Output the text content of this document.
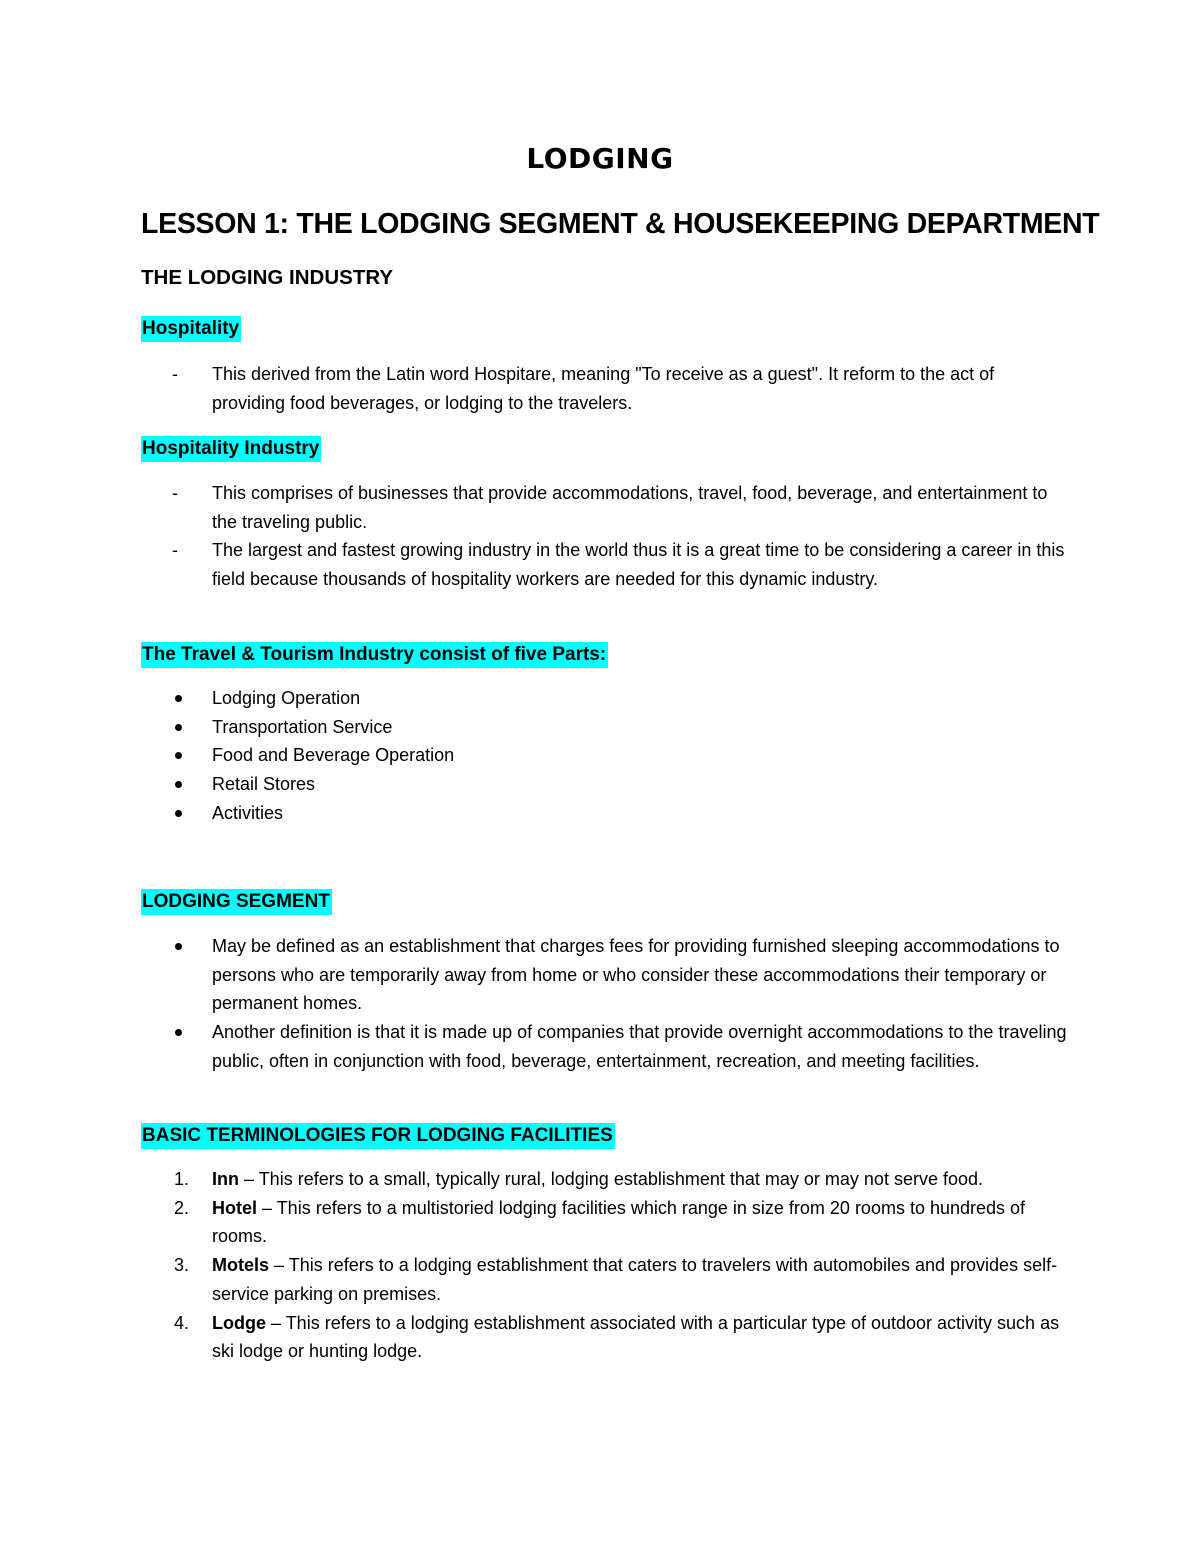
LODGING
LESSON 1: THE LODGING SEGMENT & HOUSEKEEPING DEPARTMENT
THE LODGING INDUSTRY
Hospitality
- This derived from the Latin word Hospitare, meaning "To receive as a guest". It reform to the act of providing food beverages, or lodging to the travelers.
Hospitality Industry
- This comprises of businesses that provide accommodations, travel, food, beverage, and entertainment to the traveling public.
- The largest and fastest growing industry in the world thus it is a great time to be considering a career in this field because thousands of hospitality workers are needed for this dynamic industry.
The Travel & Tourism Industry consist of five Parts:
Lodging Operation
Transportation Service
Food and Beverage Operation
Retail Stores
Activities
LODGING SEGMENT
May be defined as an establishment that charges fees for providing furnished sleeping accommodations to persons who are temporarily away from home or who consider these accommodations their temporary or permanent homes.
Another definition is that it is made up of companies that provide overnight accommodations to the traveling public, often in conjunction with food, beverage, entertainment, recreation, and meeting facilities.
BASIC TERMINOLOGIES FOR LODGING FACILITIES
1. Inn – This refers to a small, typically rural, lodging establishment that may or may not serve food.
2. Hotel – This refers to a multistoried lodging facilities which range in size from 20 rooms to hundreds of rooms.
3. Motels – This refers to a lodging establishment that caters to travelers with automobiles and provides self-service parking on premises.
4. Lodge – This refers to a lodging establishment associated with a particular type of outdoor activity such as ski lodge or hunting lodge.
